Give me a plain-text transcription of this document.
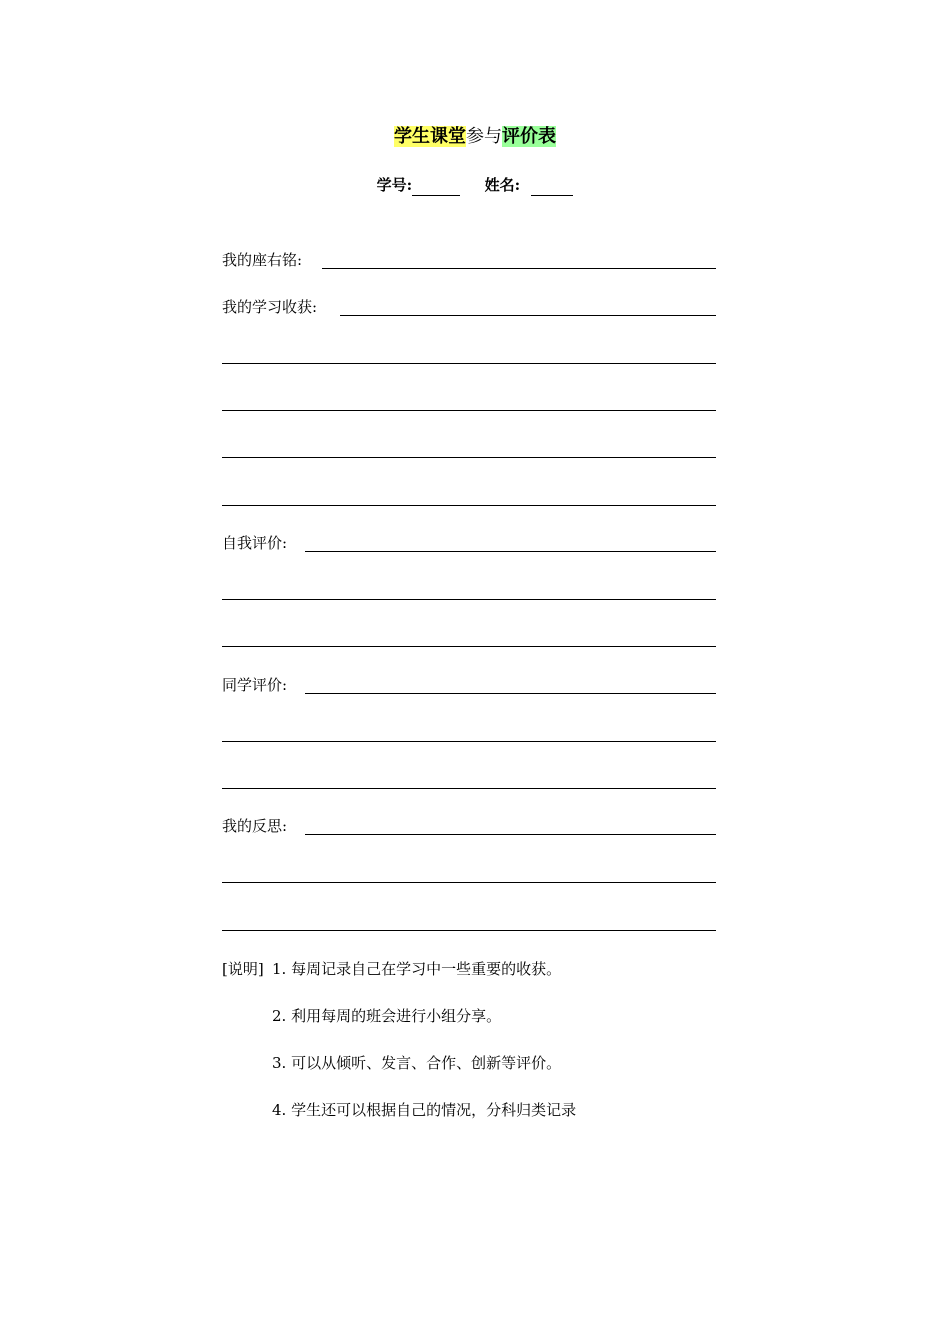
学生课堂参与评价表
学号:	姓名:
我的座右铭:
我的学习收获:
自我评价:
同学评价:
我的反思:
[说明] 1. 每周记录自己在学习中一些重要的收获。
2. 利用每周的班会进行小组分享。
3. 可以从倾听、发言、合作、创新等评价。
4. 学生还可以根据自己的情况，分科归类记录
